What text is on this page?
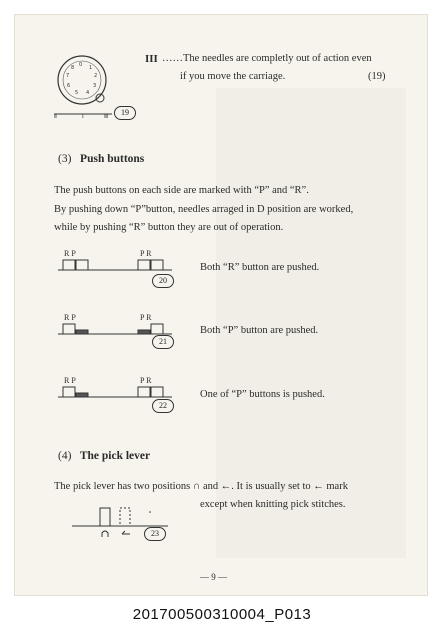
0 1
2
3
4
5
6
7
8
Ⅱ	Ⅰ	Ⅲ	19
III ……The needles are completly out of action even
if you move the carriage.	(19)
(3) Push buttons
The push buttons on each side are marked with “P” and “R”.
By pushing down “P”button, needles arraged in D position are worked,
while by pushing “R” button they are out of operation.
R P	P R
20
Both “R” button are pushed.
R P	P R
21
Both “P” button are pushed.
R P	P R
22
One of “P” buttons is pushed.
(4) The pick lever
The pick lever has two positions ∩ and ←. It is usually set to ← mark
except when knitting pick stitches.
23
— 9 —
201700500310004_P013
